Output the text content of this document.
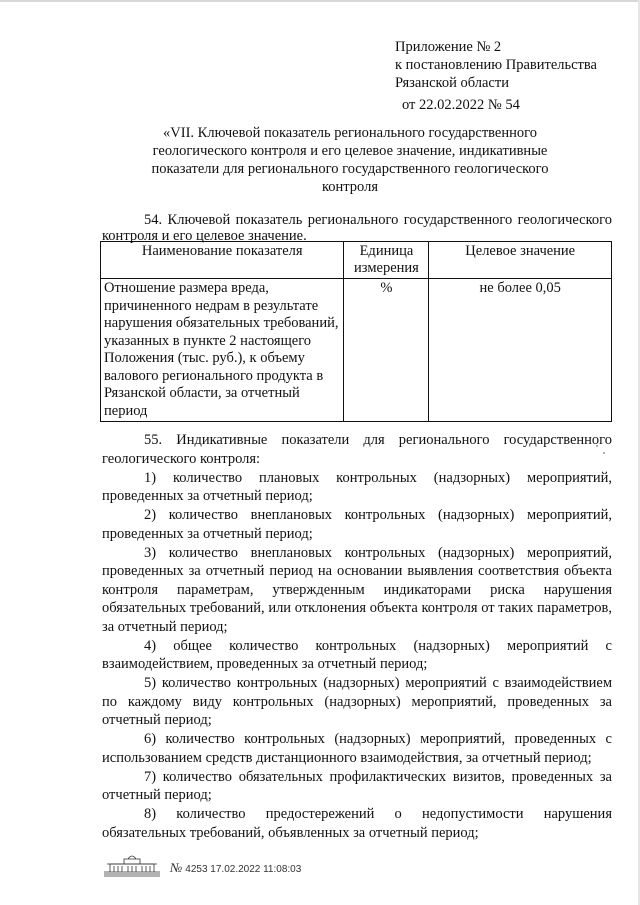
Приложение № 2
к постановлению Правительства
Рязанской области
от 22.02.2022 № 54
«VII. Ключевой показатель регионального государственного геологического контроля и его целевое значение, индикативные показатели для регионального государственного геологического контроля
54. Ключевой показатель регионального государственного геологического контроля и его целевое значение.
Наименование показателя	Единица измерения	Целевое значение
Отношение размера вреда, причиненного недрам в результате нарушения обязательных требований, указанных в пункте 2 настоящего Положения (тыс. руб.), к объему валового регионального продукта в Рязанской области, за отчетный период	%	не более 0,05

55. Индикативные показатели для регионального государственного геологического контроля:

1) количество плановых контрольных (надзорных) мероприятий, проведенных за отчетный период;

2) количество внеплановых контрольных (надзорных) мероприятий, проведенных за отчетный период;

3) количество внеплановых контрольных (надзорных) мероприятий, проведенных за отчетный период на основании выявления соответствия объекта контроля параметрам, утвержденным индикаторами риска нарушения обязательных требований, или отклонения объекта контроля от таких параметров, за отчетный период;

4) общее количество контрольных (надзорных) мероприятий с взаимодействием, проведенных за отчетный период;

5) количество контрольных (надзорных) мероприятий с взаимодействием по каждому виду контрольных (надзорных) мероприятий, проведенных за отчетный период;

6) количество контрольных (надзорных) мероприятий, проведенных с использованием средств дистанционного взаимодействия, за отчетный период;

7) количество обязательных профилактических визитов, проведенных за отчетный период;

8) количество предостережений о недопустимости нарушения обязательных требований, объявленных за отчетный период;

№ 4253 17.02.2022 11:08:03
